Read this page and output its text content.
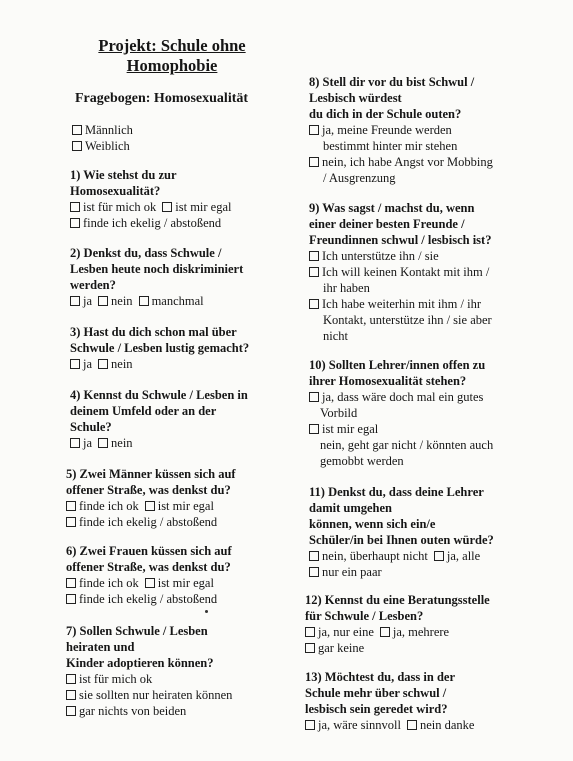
Projekt: Schule ohne
Homophobie
Fragebogen: Homosexualität
Männlich
Weiblich
1) Wie stehst du zur
Homosexualität?
ist für mich ok ist mir egal
finde ich ekelig / abstoßend
2) Denkst du, dass Schwule /
Lesben heute noch diskriminiert
werden?
ja nein manchmal
3) Hast du dich schon mal über
Schwule / Lesben lustig gemacht?
ja nein
4) Kennst du Schwule / Lesben in
deinem Umfeld oder an der
Schule?
ja nein
5) Zwei Männer küssen sich auf
offener Straße, was denkst du?
finde ich ok ist mir egal
finde ich ekelig / abstoßend
6) Zwei Frauen küssen sich auf
offener Straße, was denkst du?
finde ich ok ist mir egal
finde ich ekelig / abstoßend
7) Sollen Schwule / Lesben
heiraten und
Kinder adoptieren können?
ist für mich ok
sie sollten nur heiraten können
gar nichts von beiden
8) Stell dir vor du bist Schwul /
Lesbisch würdest
du dich in der Schule outen?
ja, meine Freunde werden
bestimmt hinter mir stehen
nein, ich habe Angst vor Mobbing
/ Ausgrenzung
9) Was sagst / machst du, wenn
einer deiner besten Freunde /
Freundinnen schwul / lesbisch ist?
Ich unterstütze ihn / sie
Ich will keinen Kontakt mit ihm /
ihr haben
Ich habe weiterhin mit ihm / ihr
Kontakt, unterstütze ihn / sie aber
nicht
10) Sollten Lehrer/innen offen zu
ihrer Homosexualität stehen?
ja, dass wäre doch mal ein gutes
Vorbild
ist mir egal
nein, geht gar nicht / könnten auch
gemobbt werden
11) Denkst du, dass deine Lehrer
damit umgehen
können, wenn sich ein/e
Schüler/in bei Ihnen outen würde?
nein, überhaupt nicht ja, alle
nur ein paar
12) Kennst du eine Beratungsstelle
für Schwule / Lesben?
ja, nur eine ja, mehrere
gar keine
13) Möchtest du, dass in der
Schule mehr über schwul /
lesbisch sein geredet wird?
ja, wäre sinnvoll nein danke
